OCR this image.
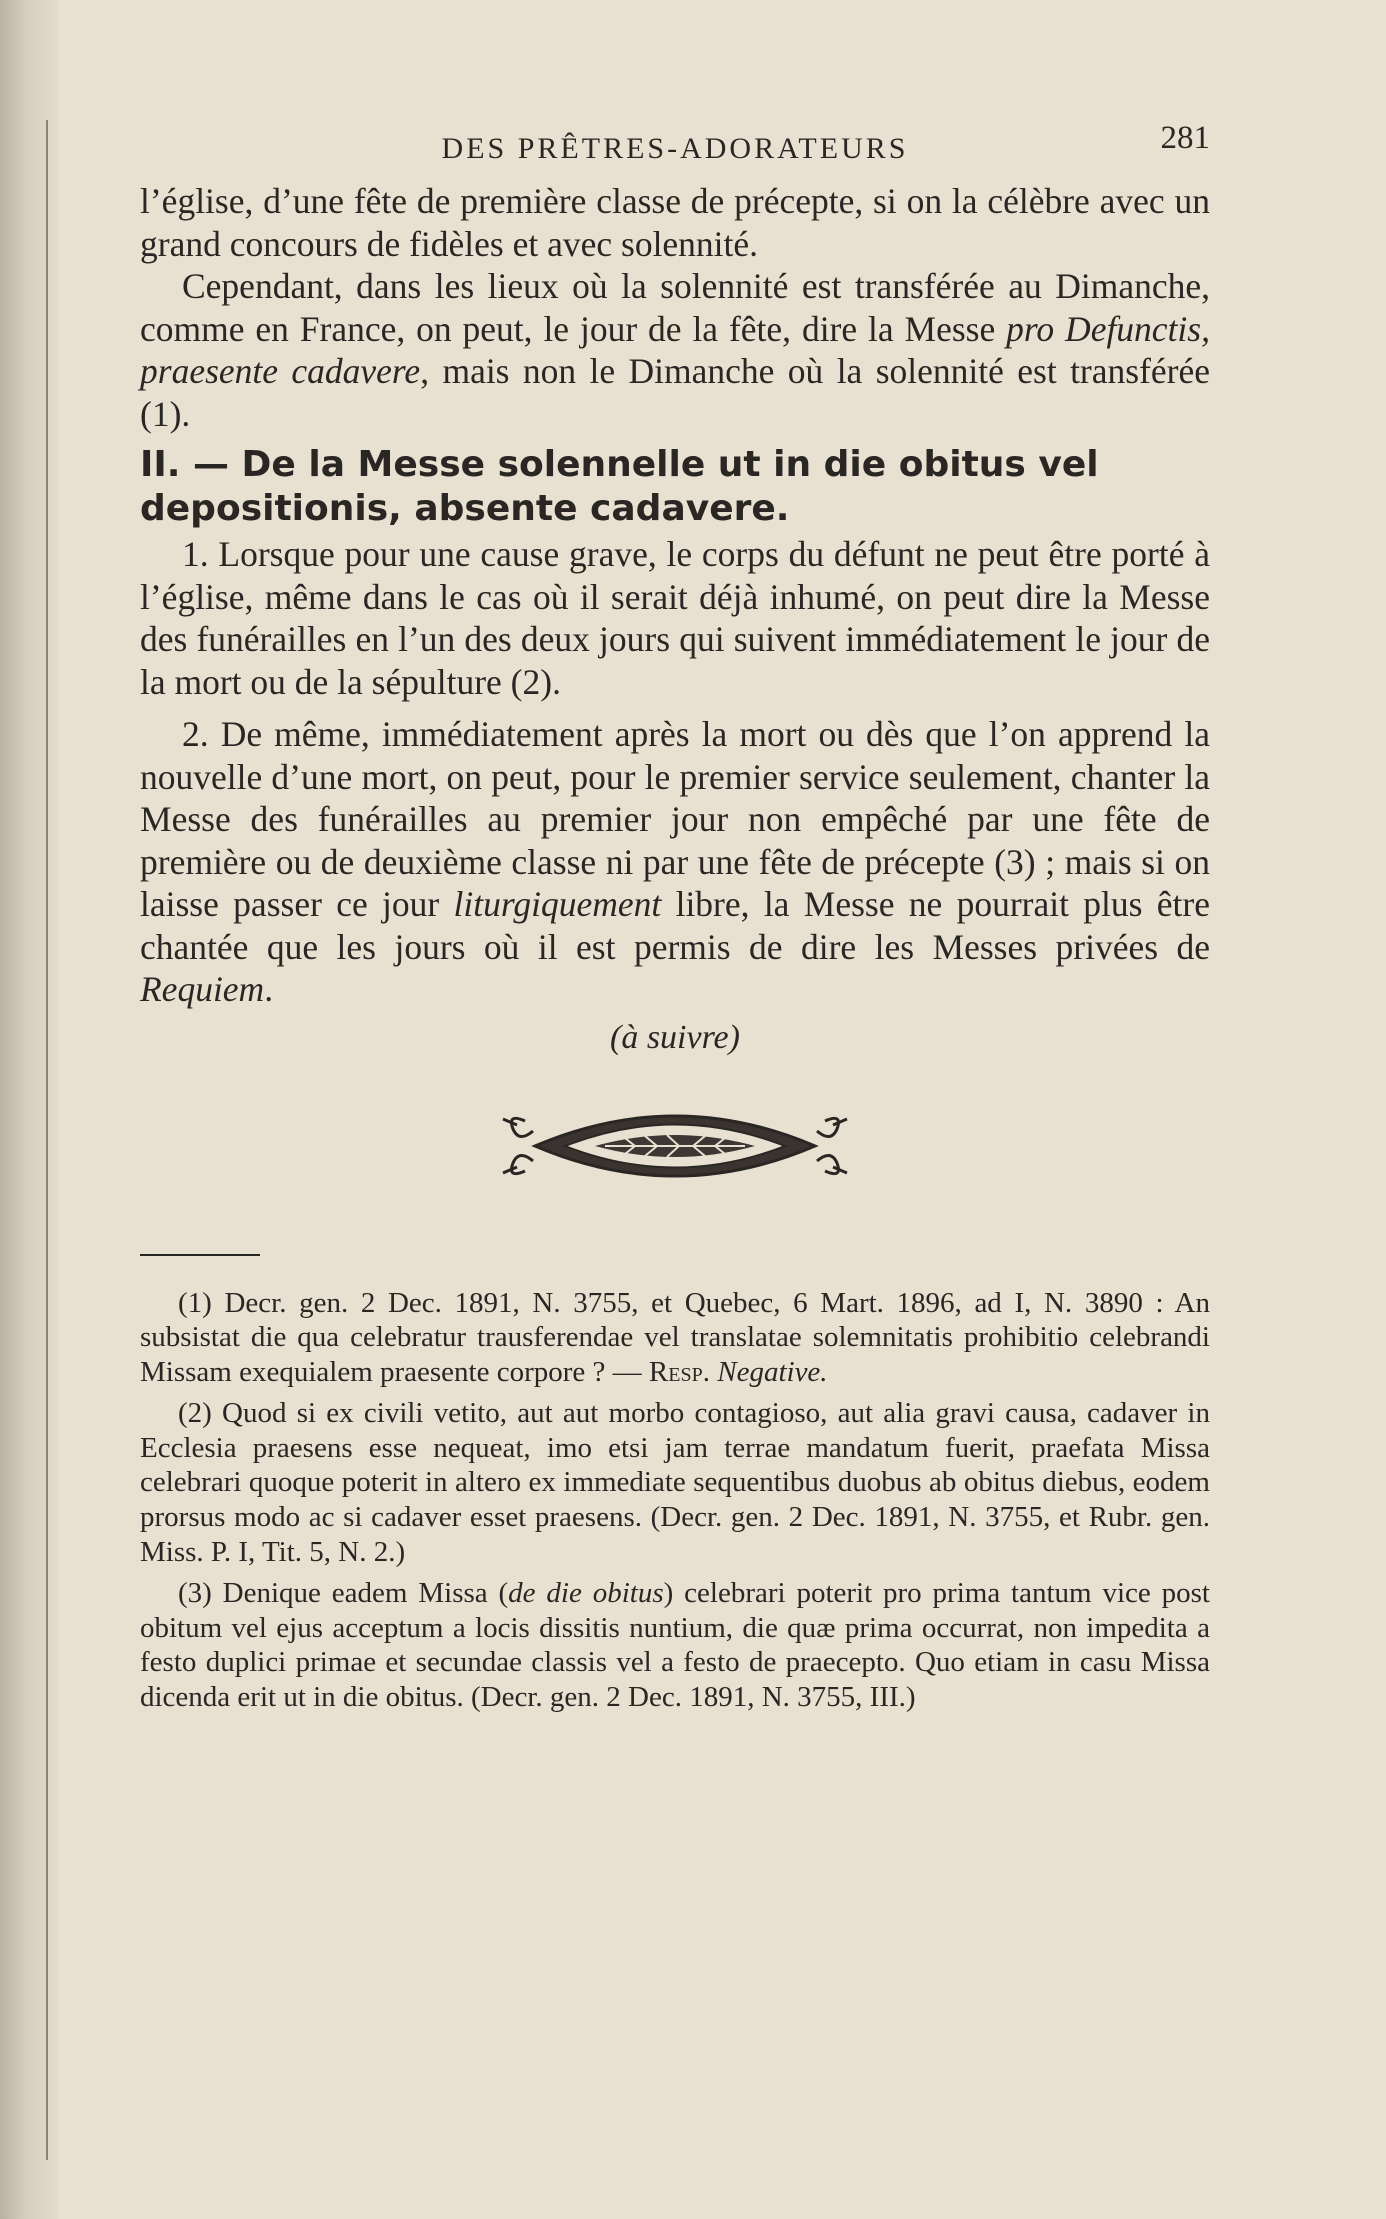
DES PRÊTRES-ADORATEURS	281

l’église, d’une fête de première classe de précepte, si on la célèbre avec un grand concours de fidèles et avec solennité.

Cependant, dans les lieux où la solennité est transférée au Dimanche, comme en France, on peut, le jour de la fête, dire la Messe pro Defunctis, praesente cadavere, mais non le Dimanche où la solennité est transférée (1).

II. — De la Messe solennelle ut in die obitus vel depositionis, absente cadavere.

1. Lorsque pour une cause grave, le corps du défunt ne peut être porté à l’église, même dans le cas où il serait déjà inhumé, on peut dire la Messe des funérailles en l’un des deux jours qui suivent immédiatement le jour de la mort ou de la sépulture (2).

2. De même, immédiatement après la mort ou dès que l’on apprend la nouvelle d’une mort, on peut, pour le premier service seulement, chanter la Messe des funérailles au premier jour non empêché par une fête de première ou de deuxième classe ni par une fête de précepte (3) ; mais si on laisse passer ce jour liturgiquement libre, la Messe ne pourrait plus être chantée que les jours où il est permis de dire les Messes privées de Requiem.

(à suivre)

(1) Decr. gen. 2 Dec. 1891, N. 3755, et Quebec, 6 Mart. 1896, ad I, N. 3890 : An subsistat die qua celebratur trausferendae vel translatae solemnitatis prohibitio celebrandi Missam exequialem praesente corpore ? — Resp. Negative.

(2) Quod si ex civili vetito, aut aut morbo contagioso, aut alia gravi causa, cadaver in Ecclesia praesens esse nequeat, imo etsi jam terrae mandatum fuerit, praefata Missa celebrari quoque poterit in altero ex immediate sequentibus duobus ab obitus diebus, eodem prorsus modo ac si cadaver esset praesens. (Decr. gen. 2 Dec. 1891, N. 3755, et Rubr. gen. Miss. P. I, Tit. 5, N. 2.)

(3) Denique eadem Missa (de die obitus) celebrari poterit pro prima tantum vice post obitum vel ejus acceptum a locis dissitis nuntium, die quæ prima occurrat, non impedita a festo duplici primae et secundae classis vel a festo de praecepto. Quo etiam in casu Missa dicenda erit ut in die obitus. (Decr. gen. 2 Dec. 1891, N. 3755, III.)
